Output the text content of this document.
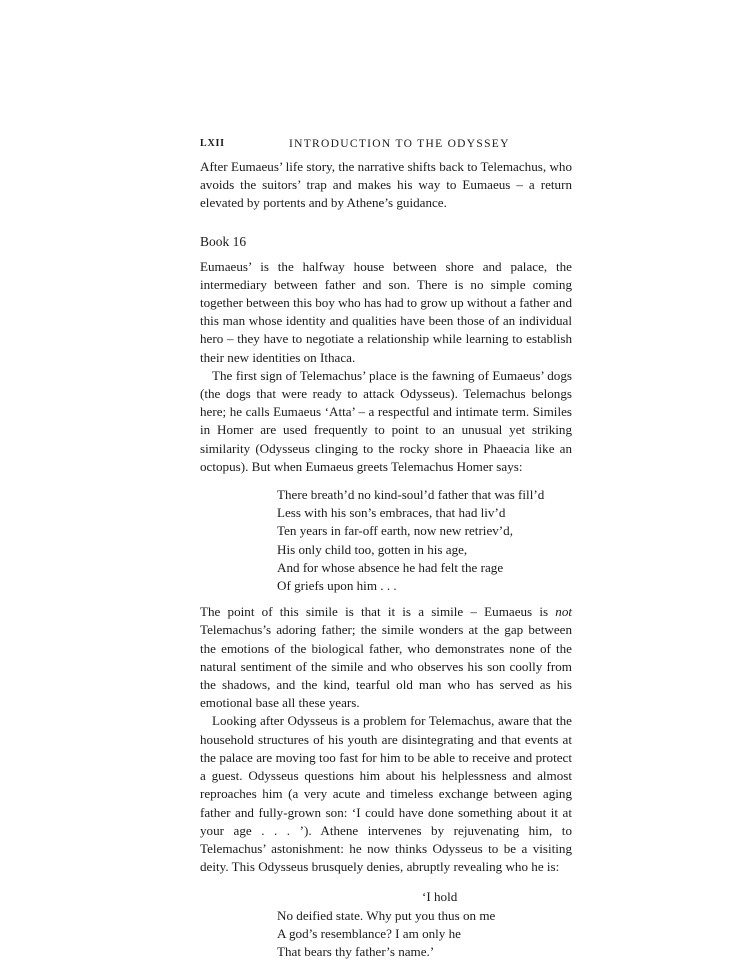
LXII	INTRODUCTION TO THE ODYSSEY

After Eumaeus’ life story, the narrative shifts back to Telemachus, who avoids the suitors’ trap and makes his way to Eumaeus – a return elevated by portents and by Athene’s guidance.

Book 16

Eumaeus’ is the halfway house between shore and palace, the intermediary between father and son. There is no simple coming together between this boy who has had to grow up without a father and this man whose identity and qualities have been those of an individual hero – they have to negotiate a relationship while learning to establish their new identities on Ithaca.

The first sign of Telemachus’ place is the fawning of Eumaeus’ dogs (the dogs that were ready to attack Odysseus). Telemachus belongs here; he calls Eumaeus ‘Atta’ – a respectful and intimate term. Similes in Homer are used frequently to point to an unusual yet striking similarity (Odysseus clinging to the rocky shore in Phaeacia like an octopus). But when Eumaeus greets Telemachus Homer says:

There breath’d no kind-soul’d father that was fill’d
Less with his son’s embraces, that had liv’d
Ten years in far-off earth, now new retriev’d,
His only child too, gotten in his age,
And for whose absence he had felt the rage
Of griefs upon him . . .

The point of this simile is that it is a simile – Eumaeus is not Telemachus’s adoring father; the simile wonders at the gap between the emotions of the biological father, who demonstrates none of the natural sentiment of the simile and who observes his son coolly from the shadows, and the kind, tearful old man who has served as his emotional base all these years.

Looking after Odysseus is a problem for Telemachus, aware that the household structures of his youth are disintegrating and that events at the palace are moving too fast for him to be able to receive and protect a guest. Odysseus questions him about his helplessness and almost reproaches him (a very acute and timeless exchange between aging father and fully-grown son: ‘I could have done something about it at your age . . . ’). Athene intervenes by rejuvenating him, to Telemachus’ astonishment: he now thinks Odysseus to be a visiting deity. This Odysseus brusquely denies, abruptly revealing who he is:

‘I hold
No deified state. Why put you thus on me
A god’s resemblance? I am only he
That bears thy father’s name.’
